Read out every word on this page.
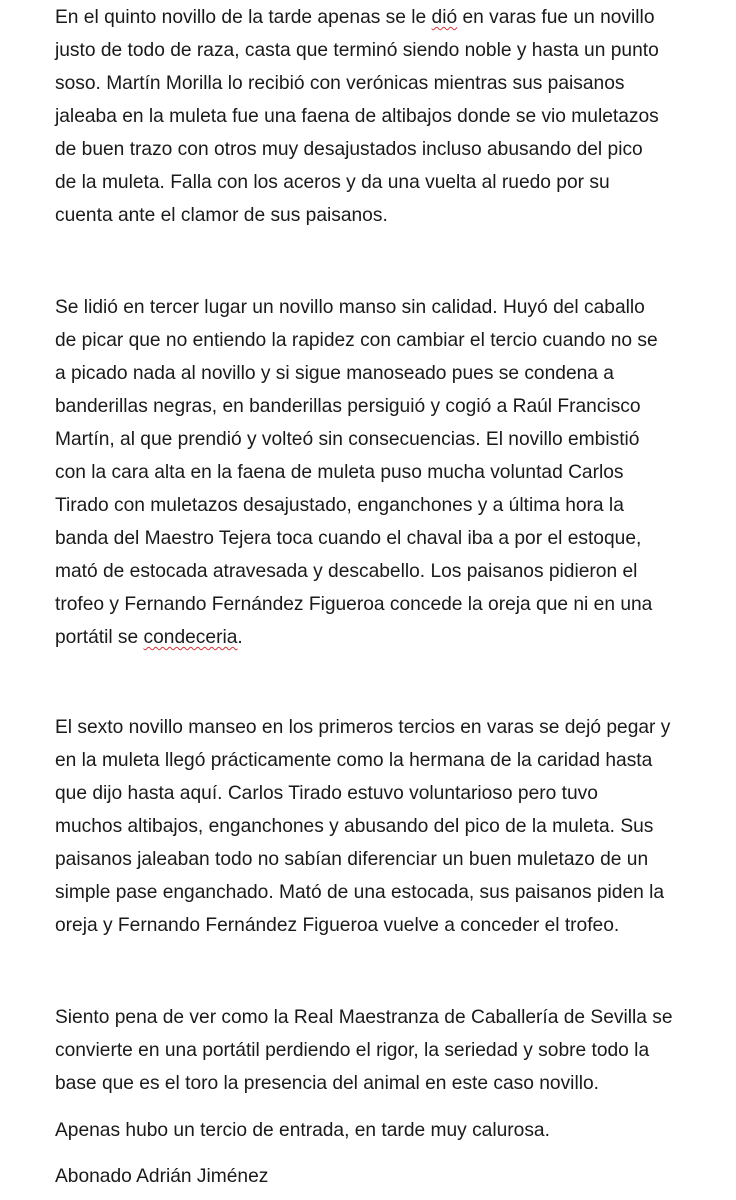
En el quinto novillo de la tarde apenas se le dió en varas fue un novillo
justo de todo de raza, casta que terminó siendo noble y hasta un punto
soso. Martín Morilla lo recibió con verónicas mientras sus paisanos
jaleaba en la muleta fue una faena de altibajos donde se vio muletazos
de buen trazo con otros muy desajustados incluso abusando del pico
de la muleta. Falla con los aceros y da una vuelta al ruedo por su
cuenta ante el clamor de sus paisanos.
Se lidió en tercer lugar un novillo manso sin calidad. Huyó del caballo
de picar que no entiendo la rapidez con cambiar el tercio cuando no se
a picado nada al novillo y si sigue manoseado pues se condena a
banderillas negras, en banderillas persiguió y cogió a Raúl Francisco
Martín, al que prendió y volteó sin consecuencias. El novillo embistió
con la cara alta en la faena de muleta puso mucha voluntad Carlos
Tirado con muletazos desajustado, enganchones y a última hora la
banda del Maestro Tejera toca cuando el chaval iba a por el estoque,
mató de estocada atravesada y descabello. Los paisanos pidieron el
trofeo y Fernando Fernández Figueroa concede la oreja que ni en una
portátil se condeceria.
El sexto novillo manseo en los primeros tercios en varas se dejó pegar y
en la muleta llegó prácticamente como la hermana de la caridad hasta
que dijo hasta aquí. Carlos Tirado estuvo voluntarioso pero tuvo
muchos altibajos, enganchones y abusando del pico de la muleta. Sus
paisanos jaleaban todo no sabían diferenciar un buen muletazo de un
simple pase enganchado. Mató de una estocada, sus paisanos piden la
oreja y Fernando Fernández Figueroa vuelve a conceder el trofeo.
Siento pena de ver como la Real Maestranza de Caballería de Sevilla se
convierte en una portátil perdiendo el rigor, la seriedad y sobre todo la
base que es el toro la presencia del animal en este caso novillo.
Apenas hubo un tercio de entrada, en tarde muy calurosa.
Abonado Adrián Jiménez
